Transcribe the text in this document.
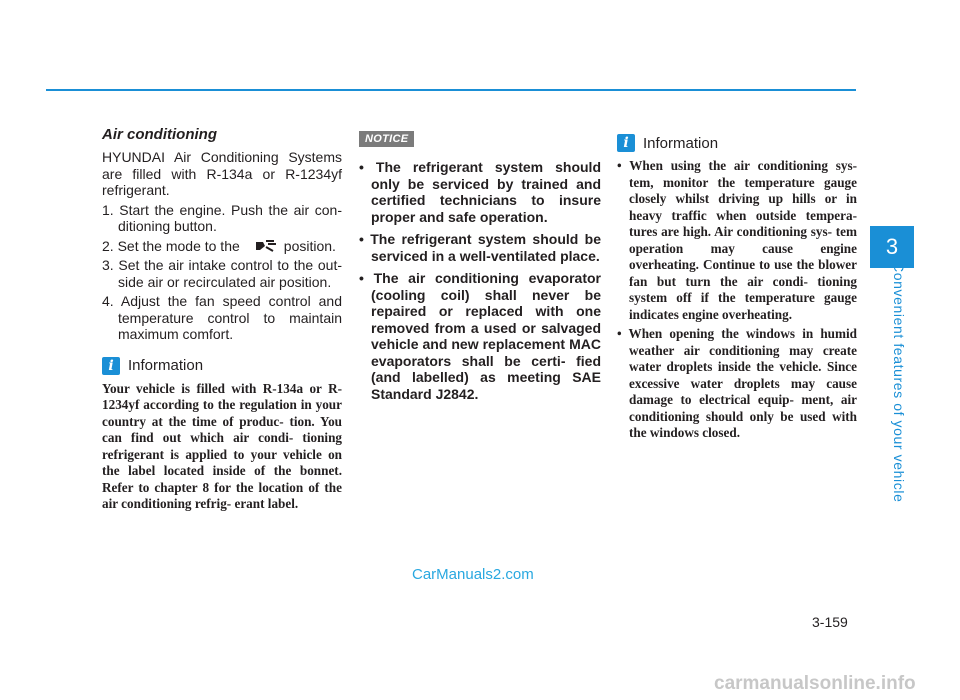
3
Convenient features of your vehicle
Air conditioning

HYUNDAI Air Conditioning Systems are filled with R-134a or R-1234yf refrigerant.

1. Start the engine. Push the air con- ditioning button.
2. Set the mode to the	position.
3. Set the air intake control to the out- side air or recirculated air position.
4. Adjust the fan speed control and temperature control to maintain maximum comfort.
i Information

Your vehicle is filled with R-134a or R-1234yf according to the regulation in your country at the time of produc- tion. You can find out which air condi- tioning refrigerant is applied to your vehicle on the label located inside of the bonnet. Refer to chapter 8 for the location of the air conditioning refrig- erant label.

NOTICE
• The refrigerant system should only be serviced by trained and certified technicians to insure proper and safe operation.
• The refrigerant system should be serviced in a well-ventilated place.
• The air conditioning evaporator (cooling coil) shall never be repaired or replaced with one removed from a used or salvaged vehicle and new replacement MAC evaporators shall be certi- fied (and labelled) as meeting SAE Standard J2842.
i Information
• When using the air conditioning sys- tem, monitor the temperature gauge closely whilst driving up hills or in heavy traffic when outside tempera- tures are high. Air conditioning sys- tem operation may cause engine overheating. Continue to use the blower fan but turn the air condi- tioning system off if the temperature gauge indicates engine overheating.
• When opening the windows in humid weather air conditioning may create water droplets inside the vehicle. Since excessive water droplets may cause damage to electrical equip- ment, air conditioning should only be used with the windows closed.
3-159
CarManuals2.com
carmanualsonline.info
